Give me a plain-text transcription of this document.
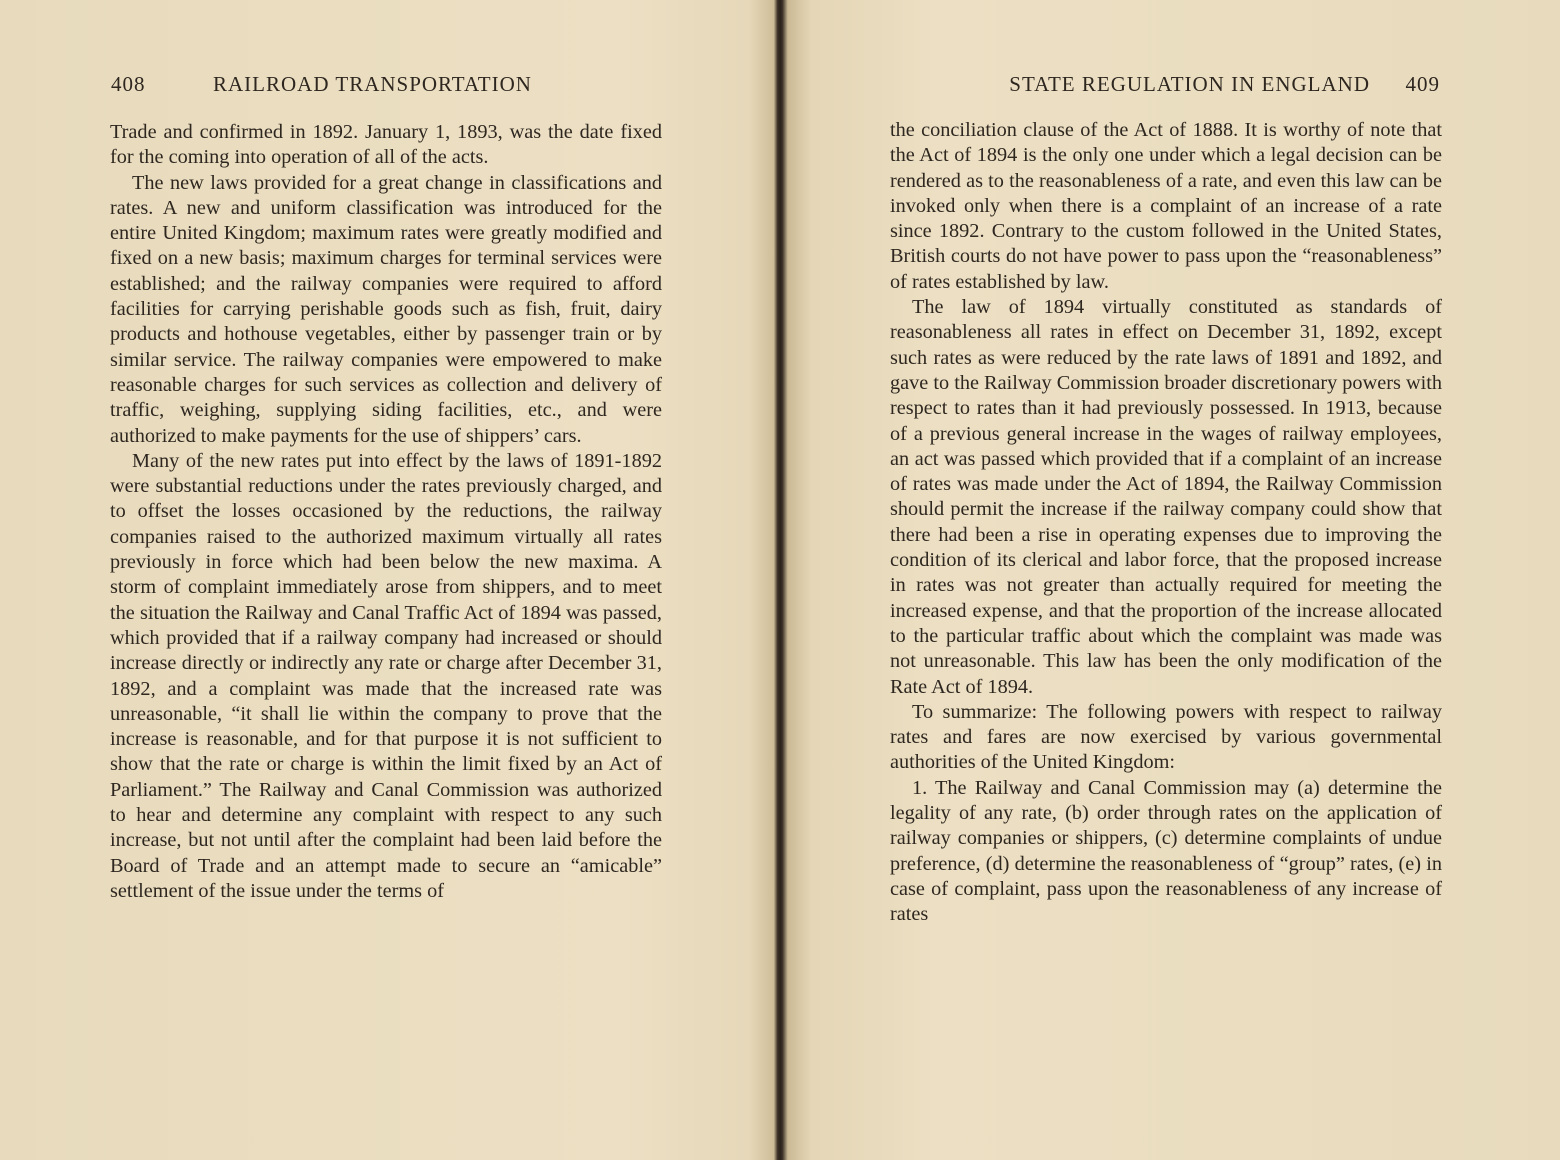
408	RAILROAD TRANSPORTATION

Trade and confirmed in 1892. January 1, 1893, was the date fixed for the coming into operation of all of the acts.

The new laws provided for a great change in classifications and rates. A new and uniform classification was introduced for the entire United Kingdom; maximum rates were greatly modified and fixed on a new basis; maximum charges for terminal services were established; and the railway companies were required to afford facilities for carrying perishable goods such as fish, fruit, dairy products and hothouse vegetables, either by passenger train or by similar service. The railway companies were empowered to make reasonable charges for such services as collection and delivery of traffic, weighing, supplying siding facilities, etc., and were authorized to make payments for the use of shippers’ cars.

Many of the new rates put into effect by the laws of 1891-1892 were substantial reductions under the rates previously charged, and to offset the losses occasioned by the reductions, the railway companies raised to the authorized maximum virtually all rates previously in force which had been below the new maxima. A storm of complaint immediately arose from shippers, and to meet the situation the Railway and Canal Traffic Act of 1894 was passed, which provided that if a railway company had increased or should increase directly or indirectly any rate or charge after December 31, 1892, and a complaint was made that the increased rate was unreasonable, “it shall lie within the company to prove that the increase is reasonable, and for that purpose it is not sufficient to show that the rate or charge is within the limit fixed by an Act of Parliament.” The Railway and Canal Commission was authorized to hear and determine any complaint with respect to any such increase, but not until after the complaint had been laid before the Board of Trade and an attempt made to secure an “amicable” settlement of the issue under the terms of

STATE REGULATION IN ENGLAND 409

the conciliation clause of the Act of 1888. It is worthy of note that the Act of 1894 is the only one under which a legal decision can be rendered as to the reasonableness of a rate, and even this law can be invoked only when there is a complaint of an increase of a rate since 1892. Contrary to the custom followed in the United States, British courts do not have power to pass upon the “reasonableness” of rates established by law.

The law of 1894 virtually constituted as standards of reasonableness all rates in effect on December 31, 1892, except such rates as were reduced by the rate laws of 1891 and 1892, and gave to the Railway Commission broader discretionary powers with respect to rates than it had previously possessed. In 1913, because of a previous general increase in the wages of railway employees, an act was passed which provided that if a complaint of an increase of rates was made under the Act of 1894, the Railway Commission should permit the increase if the railway company could show that there had been a rise in operating expenses due to improving the condition of its clerical and labor force, that the proposed increase in rates was not greater than actually required for meeting the increased expense, and that the proportion of the increase allocated to the particular traffic about which the complaint was made was not unreasonable. This law has been the only modification of the Rate Act of 1894.

To summarize: The following powers with respect to railway rates and fares are now exercised by various governmental authorities of the United Kingdom:

1. The Railway and Canal Commission may (a) determine the legality of any rate, (b) order through rates on the application of railway companies or shippers, (c) determine complaints of undue preference, (d) determine the reasonableness of “group” rates, (e) in case of complaint, pass upon the reasonableness of any increase of rates
